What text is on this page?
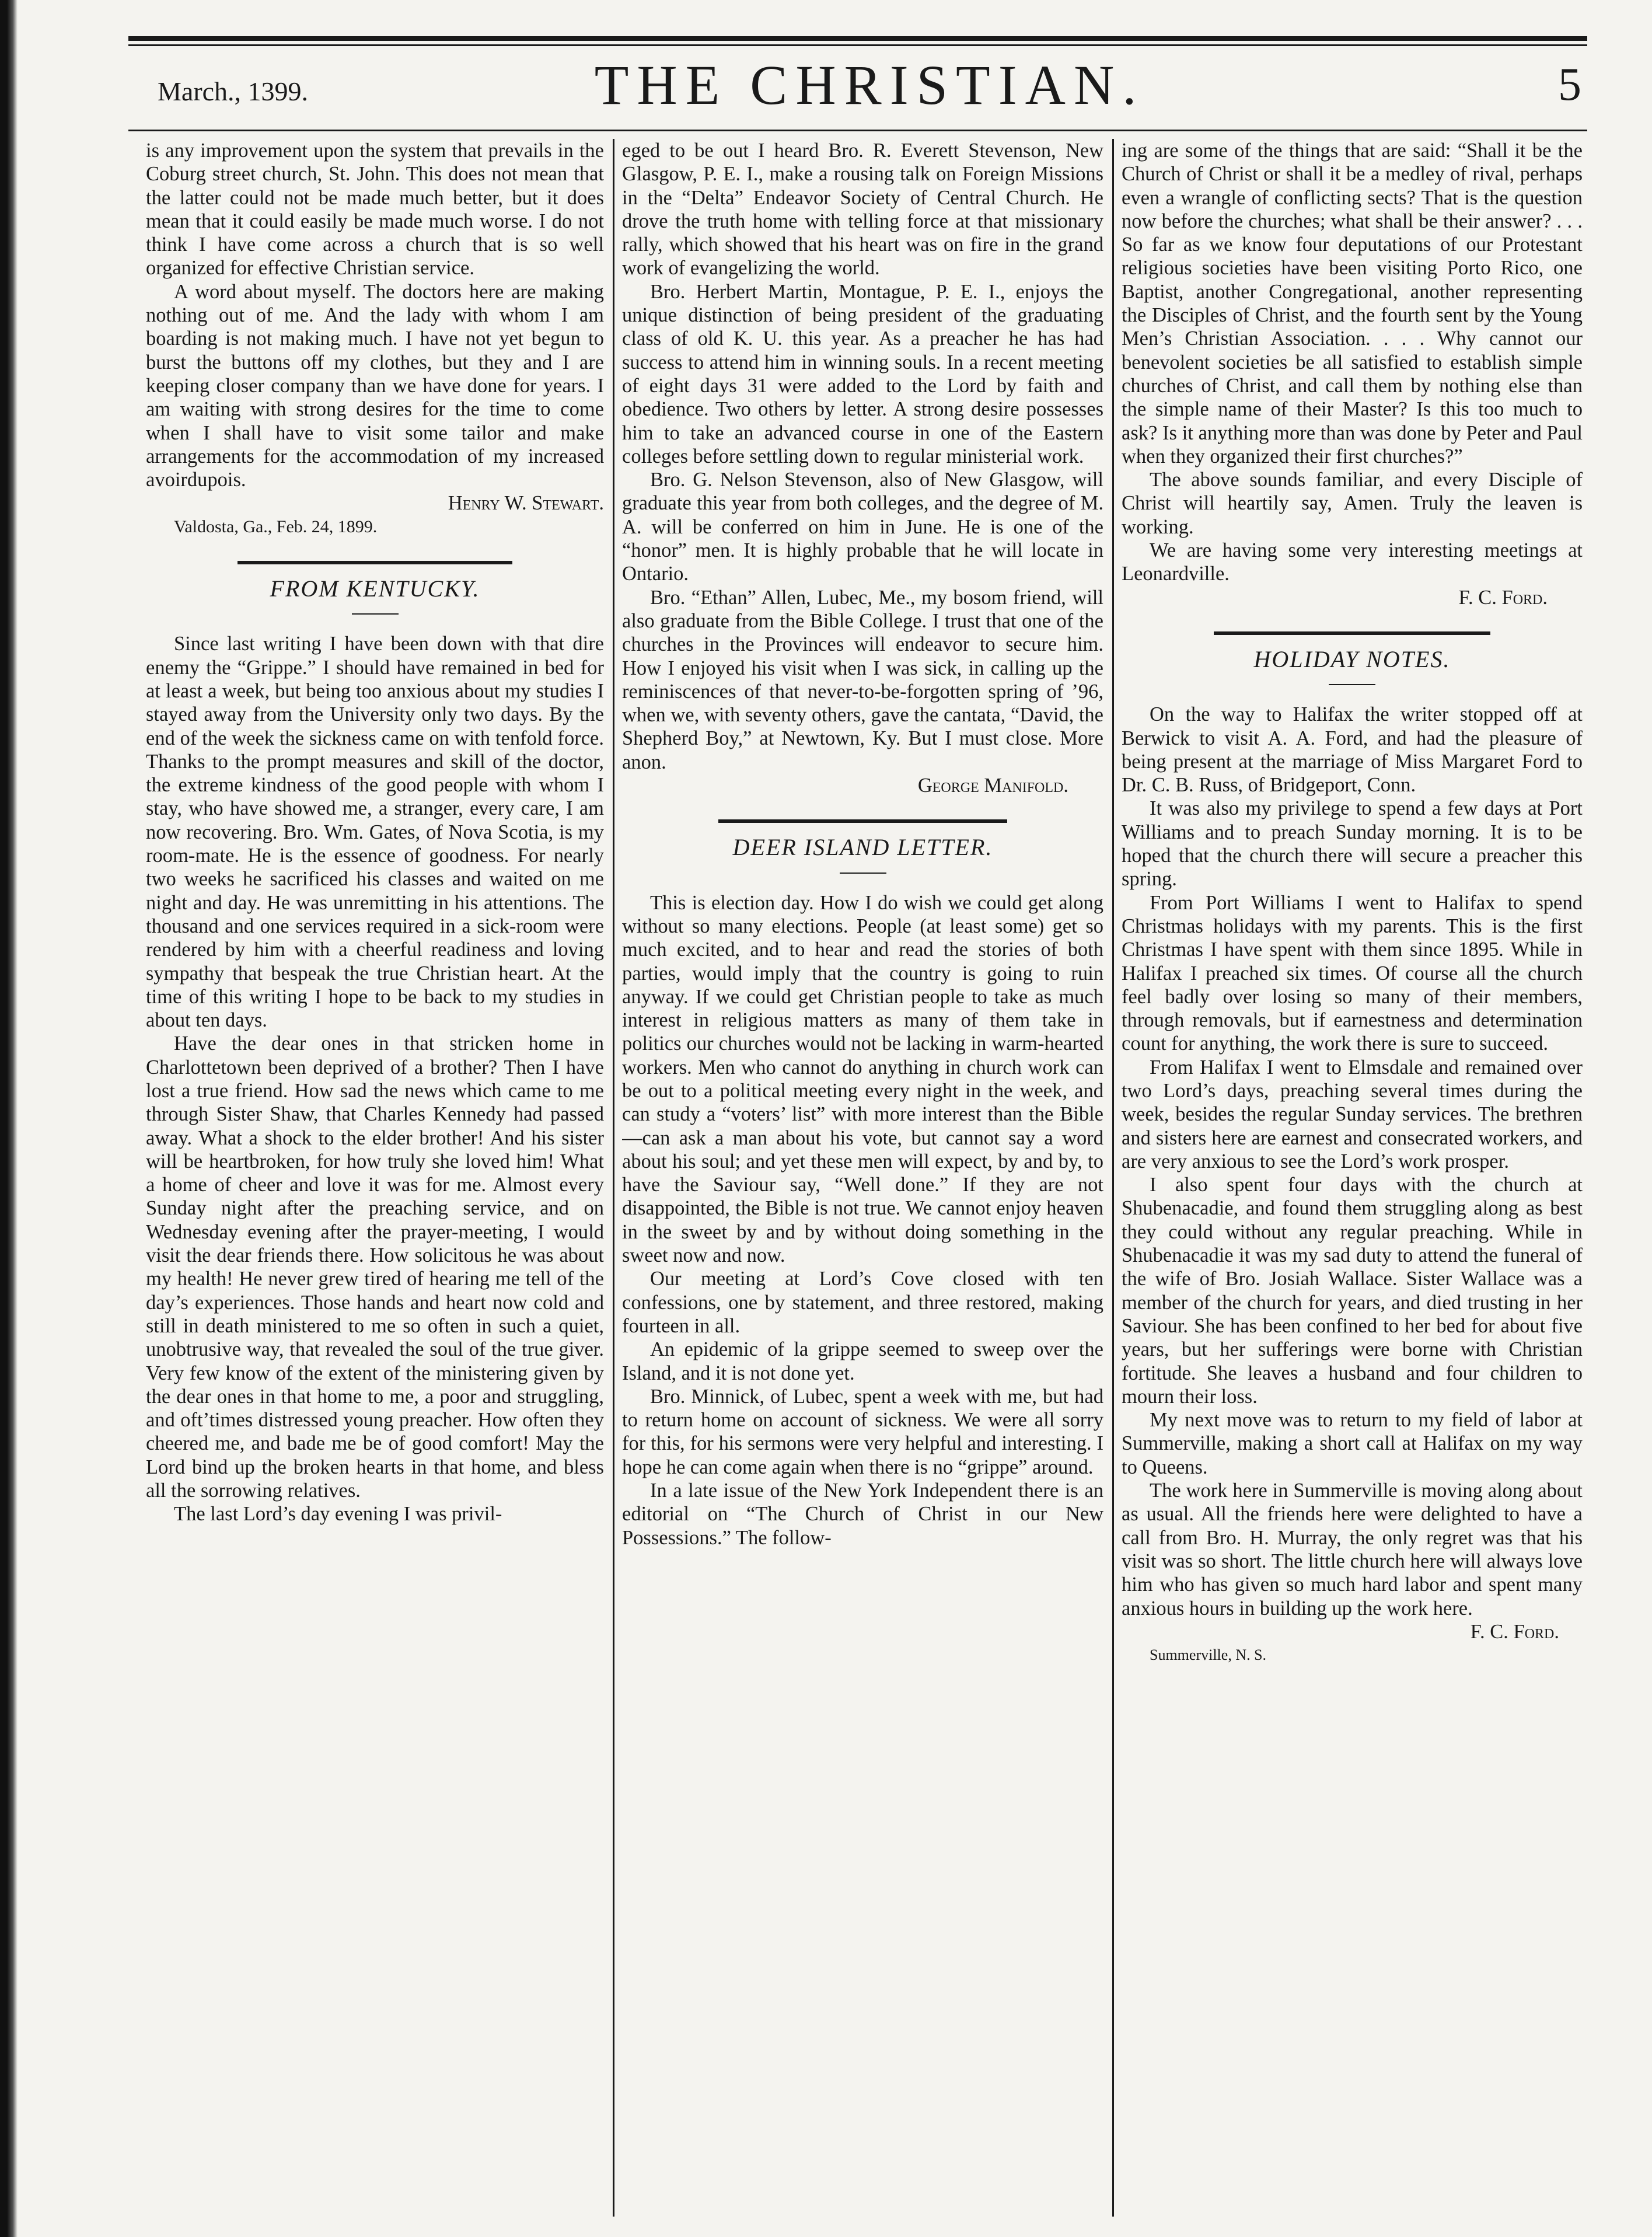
March., 1399.	THE CHRISTIAN.	5

is any improvement upon the system that prevails in the Coburg street church, St. John. This does not mean that the latter could not be made much better, but it does mean that it could easily be made much worse. I do not think I have come across a church that is so well organized for effective Christian service.

A word about myself. The doctors here are making nothing out of me. And the lady with whom I am boarding is not making much. I have not yet begun to burst the buttons off my clothes, but they and I are keeping closer company than we have done for years. I am waiting with strong desires for the time to come when I shall have to visit some tailor and make arrangements for the accommodation of my increased avoirdupois.

Henry W. Stewart.

Valdosta, Ga., Feb. 24, 1899.

FROM KENTUCKY.

Since last writing I have been down with that dire enemy the “Grippe.” I should have remained in bed for at least a week, but being too anxious about my studies I stayed away from the University only two days. By the end of the week the sickness came on with tenfold force. Thanks to the prompt measures and skill of the doctor, the extreme kindness of the good people with whom I stay, who have showed me, a stranger, every care, I am now recovering. Bro. Wm. Gates, of Nova Scotia, is my room-mate. He is the essence of goodness. For nearly two weeks he sacrificed his classes and waited on me night and day. He was unremitting in his attentions. The thousand and one services required in a sick-room were rendered by him with a cheerful readiness and loving sympathy that bespeak the true Christian heart. At the time of this writing I hope to be back to my studies in about ten days.

Have the dear ones in that stricken home in Charlottetown been deprived of a brother? Then I have lost a true friend. How sad the news which came to me through Sister Shaw, that Charles Kennedy had passed away. What a shock to the elder brother! And his sister will be heartbroken, for how truly she loved him! What a home of cheer and love it was for me. Almost every Sunday night after the preaching service, and on Wednesday evening after the prayer-meeting, I would visit the dear friends there. How solicitous he was about my health! He never grew tired of hearing me tell of the day’s experiences. Those hands and heart now cold and still in death ministered to me so often in such a quiet, unobtrusive way, that revealed the soul of the true giver. Very few know of the extent of the ministering given by the dear ones in that home to me, a poor and struggling, and oft’times distressed young preacher. How often they cheered me, and bade me be of good comfort! May the Lord bind up the broken hearts in that home, and bless all the sorrowing relatives.

The last Lord’s day evening I was privil-

eged to be out I heard Bro. R. Everett Stevenson, New Glasgow, P. E. I., make a rousing talk on Foreign Missions in the “Delta” Endeavor Society of Central Church. He drove the truth home with telling force at that missionary rally, which showed that his heart was on fire in the grand work of evangelizing the world.

Bro. Herbert Martin, Montague, P. E. I., enjoys the unique distinction of being president of the graduating class of old K. U. this year. As a preacher he has had success to attend him in winning souls. In a recent meeting of eight days 31 were added to the Lord by faith and obedience. Two others by letter. A strong desire possesses him to take an advanced course in one of the Eastern colleges before settling down to regular ministerial work.

Bro. G. Nelson Stevenson, also of New Glasgow, will graduate this year from both colleges, and the degree of M. A. will be conferred on him in June. He is one of the “honor” men. It is highly probable that he will locate in Ontario.

Bro. “Ethan” Allen, Lubec, Me., my bosom friend, will also graduate from the Bible College. I trust that one of the churches in the Provinces will endeavor to secure him. How I enjoyed his visit when I was sick, in calling up the reminiscences of that never-to-be-forgotten spring of ’96, when we, with seventy others, gave the cantata, “David, the Shepherd Boy,” at Newtown, Ky. But I must close. More anon.

George Manifold.

DEER ISLAND LETTER.

This is election day. How I do wish we could get along without so many elections. People (at least some) get so much excited, and to hear and read the stories of both parties, would imply that the country is going to ruin anyway. If we could get Christian people to take as much interest in religious matters as many of them take in politics our churches would not be lacking in warm-hearted workers. Men who cannot do anything in church work can be out to a political meeting every night in the week, and can study a “voters’ list” with more interest than the Bible—can ask a man about his vote, but cannot say a word about his soul; and yet these men will expect, by and by, to have the Saviour say, “Well done.” If they are not disappointed, the Bible is not true. We cannot enjoy heaven in the sweet by and by without doing something in the sweet now and now.

Our meeting at Lord’s Cove closed with ten confessions, one by statement, and three restored, making fourteen in all.

An epidemic of la grippe seemed to sweep over the Island, and it is not done yet.

Bro. Minnick, of Lubec, spent a week with me, but had to return home on account of sickness. We were all sorry for this, for his sermons were very helpful and interesting. I hope he can come again when there is no “grippe” around.

In a late issue of the New York Independent there is an editorial on “The Church of Christ in our New Possessions.” The follow-

ing are some of the things that are said: “Shall it be the Church of Christ or shall it be a medley of rival, perhaps even a wrangle of conflicting sects? That is the question now before the churches; what shall be their answer? . . . So far as we know four deputations of our Protestant religious societies have been visiting Porto Rico, one Baptist, another Congregational, another representing the Disciples of Christ, and the fourth sent by the Young Men’s Christian Association. . . . Why cannot our benevolent societies be all satisfied to establish simple churches of Christ, and call them by nothing else than the simple name of their Master? Is this too much to ask? Is it anything more than was done by Peter and Paul when they organized their first churches?”

The above sounds familiar, and every Disciple of Christ will heartily say, Amen. Truly the leaven is working.

We are having some very interesting meetings at Leonardville.

F. C. Ford.

HOLIDAY NOTES.

On the way to Halifax the writer stopped off at Berwick to visit A. A. Ford, and had the pleasure of being present at the marriage of Miss Margaret Ford to Dr. C. B. Russ, of Bridgeport, Conn.

It was also my privilege to spend a few days at Port Williams and to preach Sunday morning. It is to be hoped that the church there will secure a preacher this spring.

From Port Williams I went to Halifax to spend Christmas holidays with my parents. This is the first Christmas I have spent with them since 1895. While in Halifax I preached six times. Of course all the church feel badly over losing so many of their members, through removals, but if earnestness and determination count for anything, the work there is sure to succeed.

From Halifax I went to Elmsdale and remained over two Lord’s days, preaching several times during the week, besides the regular Sunday services. The brethren and sisters here are earnest and consecrated workers, and are very anxious to see the Lord’s work prosper.

I also spent four days with the church at Shubenacadie, and found them struggling along as best they could without any regular preaching. While in Shubenacadie it was my sad duty to attend the funeral of the wife of Bro. Josiah Wallace. Sister Wallace was a member of the church for years, and died trusting in her Saviour. She has been confined to her bed for about five years, but her sufferings were borne with Christian fortitude. She leaves a husband and four children to mourn their loss.

My next move was to return to my field of labor at Summerville, making a short call at Halifax on my way to Queens.

The work here in Summerville is moving along about as usual. All the friends here were delighted to have a call from Bro. H. Murray, the only regret was that his visit was so short. The little church here will always love him who has given so much hard labor and spent many anxious hours in building up the work here.

F. C. Ford.

Summerville, N. S.
